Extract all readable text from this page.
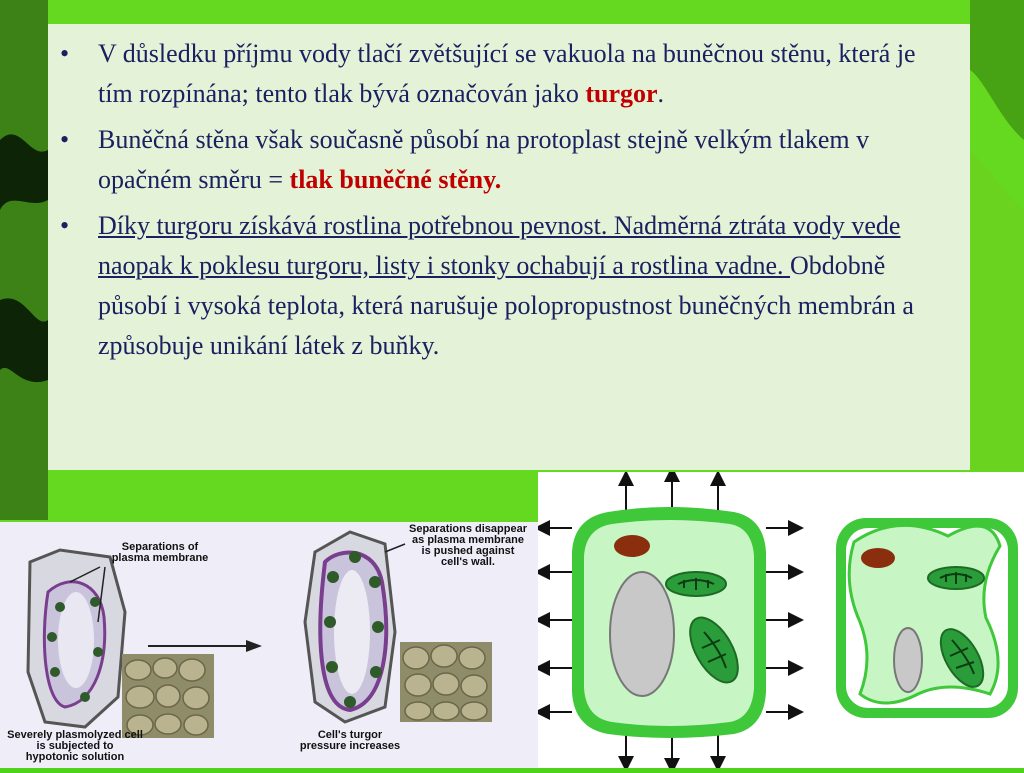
• V důsledku příjmu vody tlačí zvětšující se vakuola na buněčnou stěnu, která je tím rozpínána; tento tlak bývá označován jako turgor.
• Buněčná stěna však současně působí na protoplast stejně velkým tlakem v opačném směru = tlak buněčné stěny.
• Díky turgoru získává rostlina potřebnou pevnost. Nadměrná ztráta vody vede naopak k poklesu turgoru, listy i stonky ochabují a rostlina vadne. Obdobně působí i vysoká teplota, která narušuje polopropustnost buněčných membrán a způsobuje unikání látek z buňky.
Separations of
plasma membrane
Separations disappear
as plasma membrane
is pushed against
cell's wall.
Severely plasmolyzed cell
is subjected to
hypotonic solution
Cell's turgor
pressure increases
